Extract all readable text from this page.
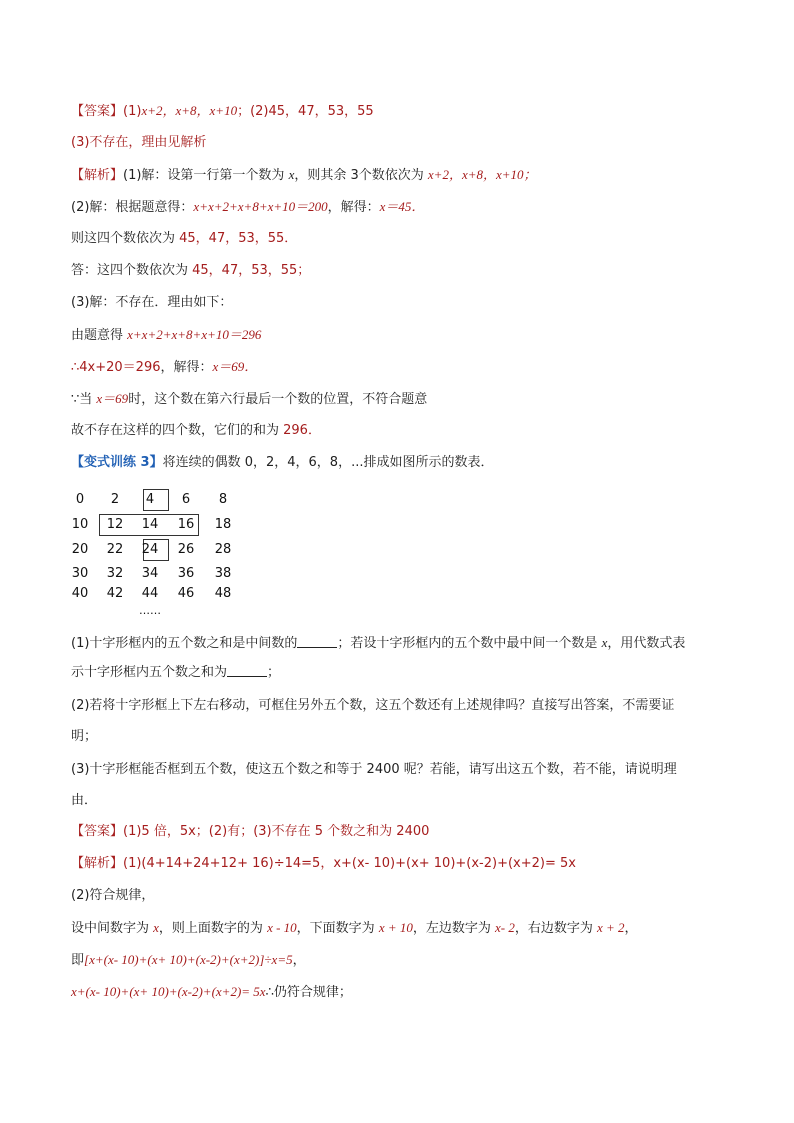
【答案】(1)x+2，x+8，x+10；(2)45，47，53，55
(3)不存在，理由见解析
【解析】(1)解：设第一行第一个数为 x，则其余 3个数依次为 x+2，x+8，x+10；
(2)解：根据题意得：x+x+2+x+8+x+10＝200，解得：x＝45．
则这四个数依次为 45，47，53，55．
答：这四个数依次为 45，47，53，55；
(3)解：不存在．理由如下：
由题意得 x+x+2+x+8+x+10＝296
∴4x+20＝296，解得：x＝69．
∵当 x＝69时，这个数在第六行最后一个数的位置，不符合题意
故不存在这样的四个数，它们的和为 296．
【变式训练 3】将连续的偶数 0，2，4，6，8，...排成如图所示的数表．
0	2	4	6	8
10	12	14	16	18
20	22	24	26	28
30	32	34	36	38
40	42	44	46	48
……
(1)十字形框内的五个数之和是中间数的	；若设十字形框内的五个数中最中间一个数是 x，用代数式表
示十字形框内五个数之和为	；
(2)若将十字形框上下左右移动，可框住另外五个数，这五个数还有上述规律吗？直接写出答案，不需要证
明；
(3)十字形框能否框到五个数，使这五个数之和等于 2400 呢？若能，请写出这五个数，若不能，请说明理
由．
【答案】(1)5 倍，5x；(2)有；(3)不存在 5 个数之和为 2400
【解析】(1)(4+14+24+12+ 16)÷14=5，x+(x- 10)+(x+ 10)+(x-2)+(x+2)= 5x
(2)符合规律，
设中间数字为 x，则上面数字的为 x - 10，下面数字为 x + 10，左边数字为 x- 2，右边数字为 x + 2，
即[x+(x- 10)+(x+ 10)+(x-2)+(x+2)]÷x=5，
x+(x- 10)+(x+ 10)+(x-2)+(x+2)= 5x∴仍符合规律；
